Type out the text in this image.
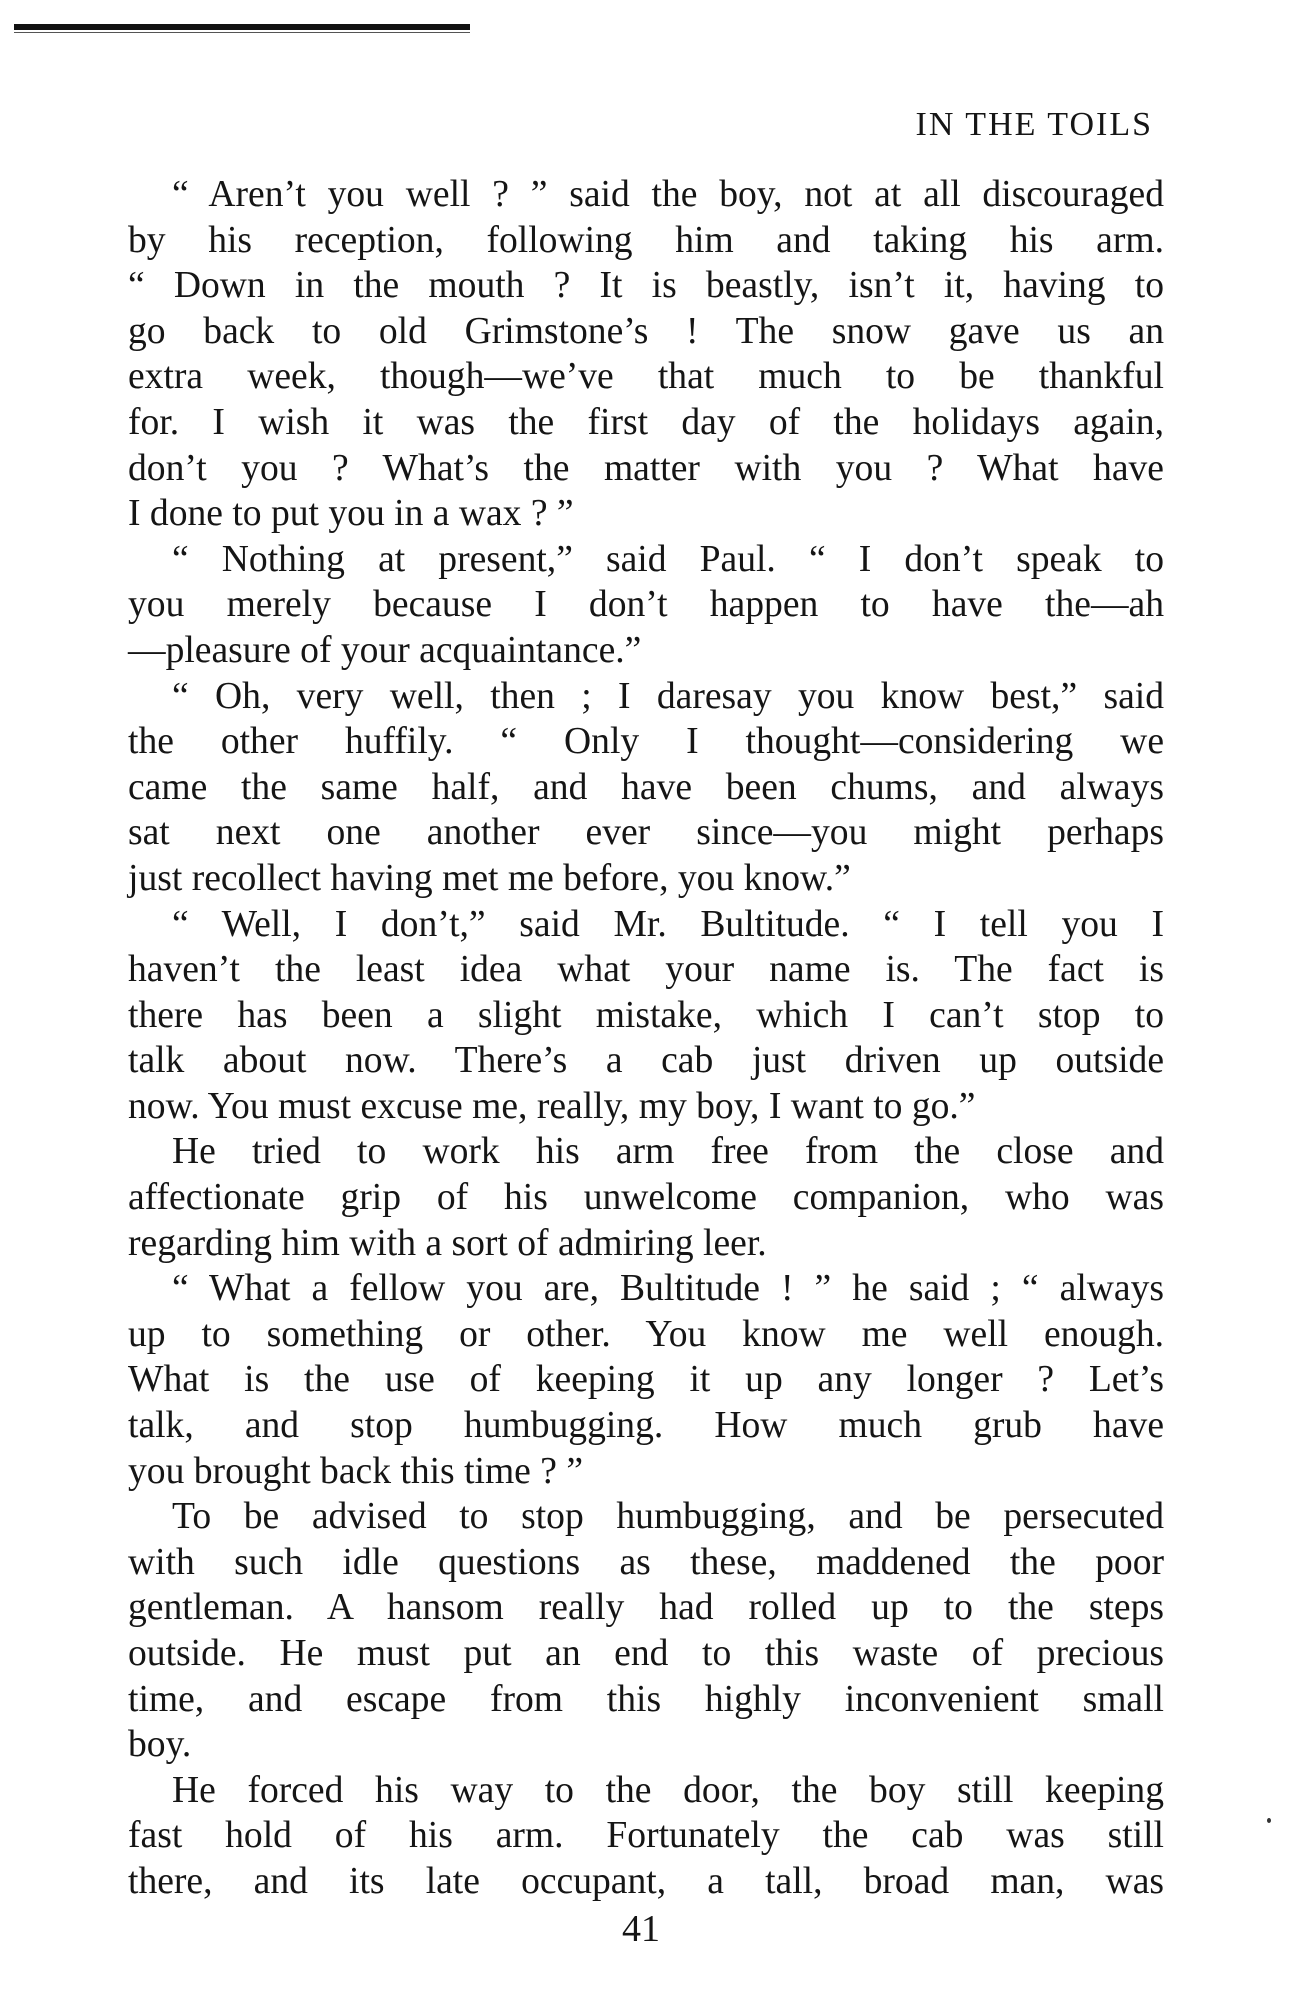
IN THE TOILS
“ Aren’t you well ? ” said the boy, not at all discouraged
by his reception, following him and taking his arm.
“ Down in the mouth ? It is beastly, isn’t it, having to
go back to old Grimstone’s ! The snow gave us an
extra week, though—we’ve that much to be thankful
for. I wish it was the first day of the holidays again,
don’t you ? What’s the matter with you ? What have
I done to put you in a wax ? ”
“ Nothing at present,” said Paul. “ I don’t speak to
you merely because I don’t happen to have the—ah
—pleasure of your acquaintance.”
“ Oh, very well, then ; I daresay you know best,” said
the other huffily. “ Only I thought—considering we
came the same half, and have been chums, and always
sat next one another ever since—you might perhaps
just recollect having met me before, you know.”
“ Well, I don’t,” said Mr. Bultitude. “ I tell you I
haven’t the least idea what your name is. The fact is
there has been a slight mistake, which I can’t stop to
talk about now. There’s a cab just driven up outside
now. You must excuse me, really, my boy, I want to go.”
He tried to work his arm free from the close and
affectionate grip of his unwelcome companion, who was
regarding him with a sort of admiring leer.
“ What a fellow you are, Bultitude ! ” he said ; “ always
up to something or other. You know me well enough.
What is the use of keeping it up any longer ? Let’s
talk, and stop humbugging. How much grub have
you brought back this time ? ”
To be advised to stop humbugging, and be persecuted
with such idle questions as these, maddened the poor
gentleman. A hansom really had rolled up to the steps
outside. He must put an end to this waste of precious
time, and escape from this highly inconvenient small
boy.
He forced his way to the door, the boy still keeping
fast hold of his arm. Fortunately the cab was still
there, and its late occupant, a tall, broad man, was
41
